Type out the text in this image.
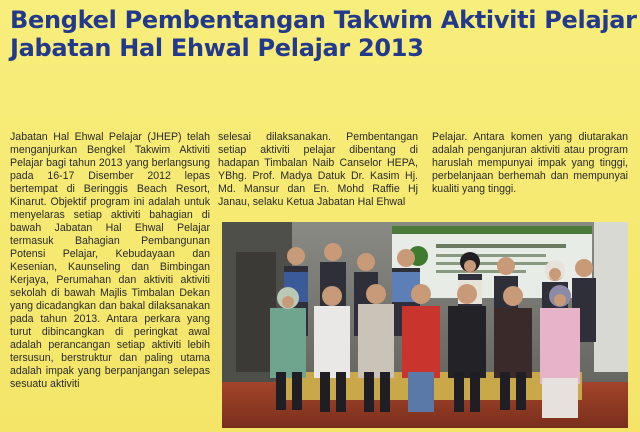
Bengkel Pembentangan Takwim Aktiviti Pelajar
Jabatan Hal Ehwal Pelajar 2013
Jabatan Hal Ehwal Pelajar (JHEP) telah menganjurkan Bengkel Takwim Aktiviti Pelajar bagi tahun 2013 yang berlangsung pada 16-17 Disember 2012 lepas bertempat di Beringgis Beach Resort, Kinarut. Objektif program ini adalah untuk menyelaras setiap aktiviti bahagian di bawah Jabatan Hal Ehwal Pelajar termasuk Bahagian Pembangunan Potensi Pelajar, Kebudayaan dan Kesenian, Kaunseling dan Bimbingan Kerjaya, Perumahan dan aktiviti aktiviti sekolah di bawah Majlis Timbalan Dekan yang dicadangkan dan bakal dilaksanakan pada tahun 2013. Antara perkara yang turut dibincangkan di peringkat awal adalah perancangan setiap aktiviti lebih tersusun, berstruktur dan paling utama adalah impak yang berpanjangan selepas sesuatu aktiviti
selesai dilaksanakan. Pembentangan setiap aktiviti pelajar dibentang di hadapan Timbalan Naib Canselor HEPA, YBhg. Prof. Madya Datuk Dr. Kasim Hj. Md. Mansur dan En. Mohd Raffie Hj Janau, selaku Ketua Jabatan Hal Ehwal
Pelajar. Antara komen yang diutarakan adalah penganjuran aktiviti atau program haruslah mempunyai impak yang tinggi, perbelanjaan berhemah dan mempunyai kualiti yang tinggi.
